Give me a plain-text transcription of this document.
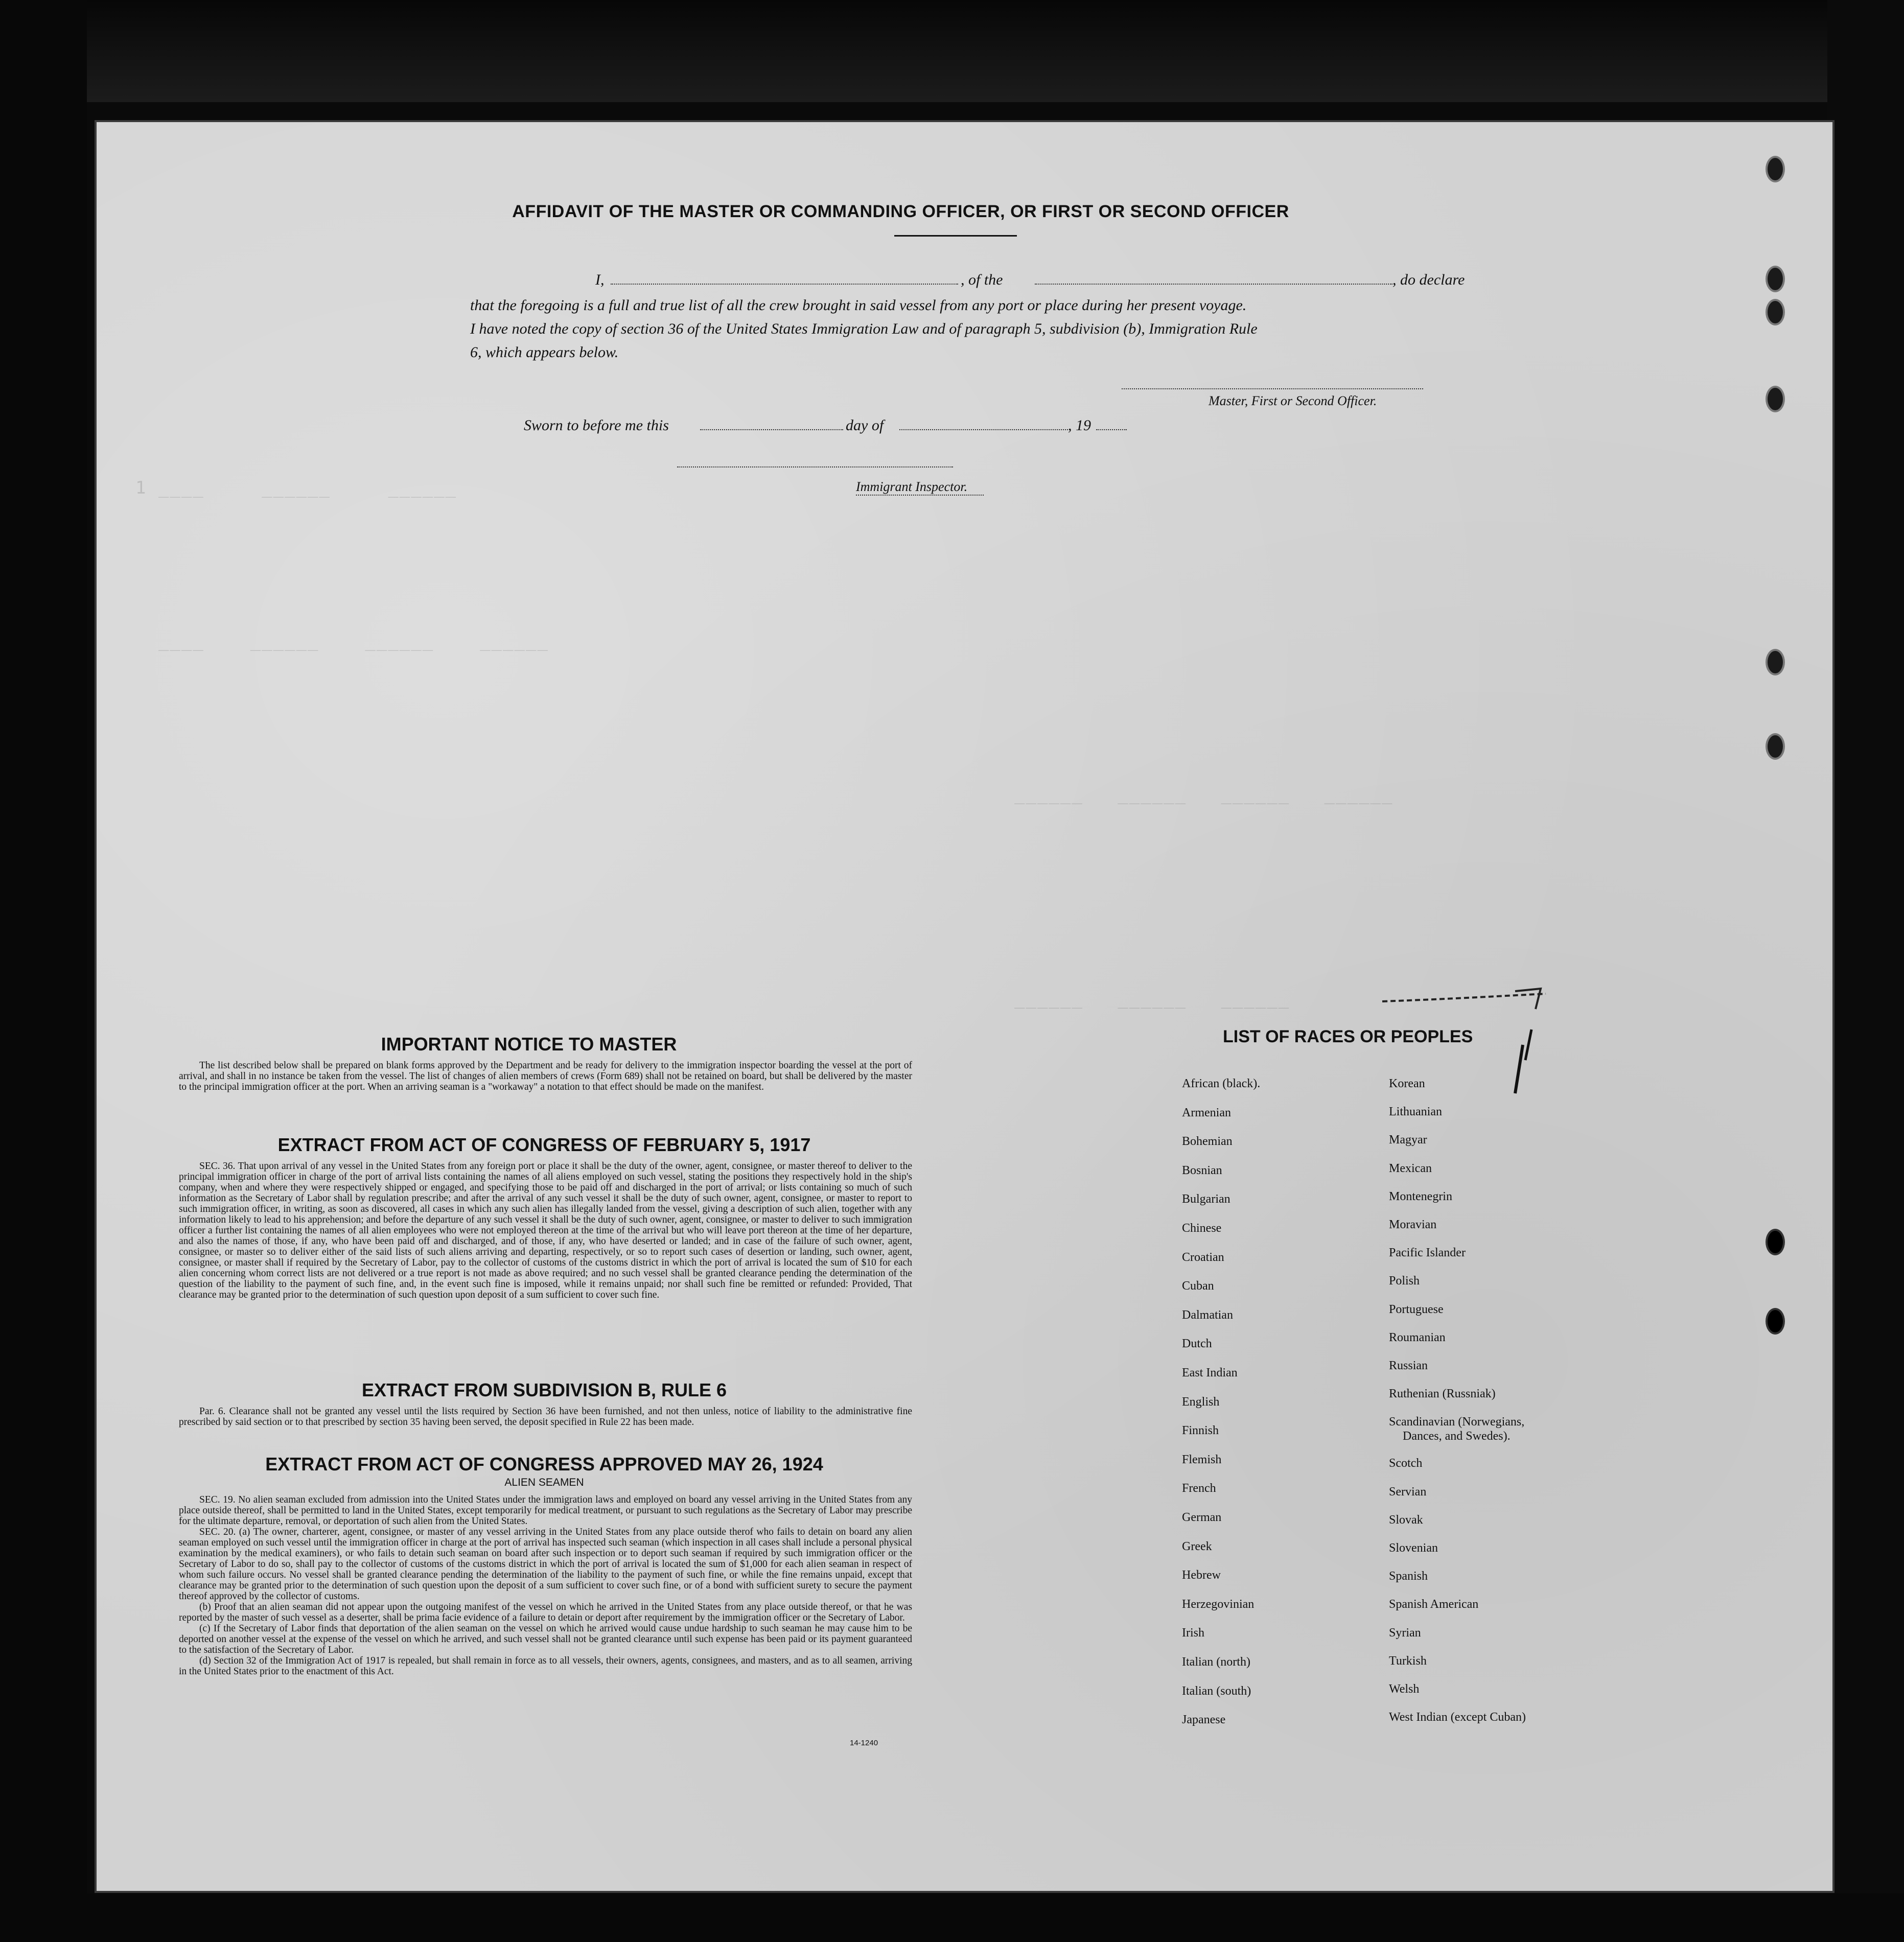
1 ____     ______     ______
____    ______    ______    ______
______   ______   ______   ______
______   ______   ______
AFFIDAVIT OF THE MASTER OR COMMANDING OFFICER, OR FIRST OR SECOND OFFICER
I,	, of the	, do declare
that the foregoing is a full and true list of all the crew brought in said vessel from any port or place during her present voyage.
I have noted the copy of section 36 of the United States Immigration Law and of paragraph 5, subdivision (b), Immigration Rule
6, which appears below.
Master, First or Second Officer.
Sworn to before me this	day of	, 19
Immigrant Inspector.
IMPORTANT NOTICE TO MASTER

The list described below shall be prepared on blank forms approved by the Department and be ready for delivery to the immigration inspector boarding the vessel at the port of arrival, and shall in no instance be taken from the vessel. The list of changes of alien members of crews (Form 689) shall not be retained on board, but shall be delivered by the master to the principal immigration officer at the port. When an arriving seaman is a "workaway" a notation to that effect should be made on the manifest.

EXTRACT FROM ACT OF CONGRESS OF FEBRUARY 5, 1917

SEC. 36. That upon arrival of any vessel in the United States from any foreign port or place it shall be the duty of the owner, agent, consignee, or master thereof to deliver to the principal immigration officer in charge of the port of arrival lists containing the names of all aliens employed on such vessel, stating the positions they respectively hold in the ship's company, when and where they were respectively shipped or engaged, and specifying those to be paid off and discharged in the port of arrival; or lists containing so much of such information as the Secretary of Labor shall by regulation prescribe; and after the arrival of any such vessel it shall be the duty of such owner, agent, consignee, or master to report to such immigration officer, in writing, as soon as discovered, all cases in which any such alien has illegally landed from the vessel, giving a description of such alien, together with any information likely to lead to his apprehension; and before the departure of any such vessel it shall be the duty of such owner, agent, consignee, or master to deliver to such immigration officer a further list containing the names of all alien employees who were not employed thereon at the time of the arrival but who will leave port thereon at the time of her departure, and also the names of those, if any, who have been paid off and discharged, and of those, if any, who have deserted or landed; and in case of the failure of such owner, agent, consignee, or master so to deliver either of the said lists of such aliens arriving and departing, respectively, or so to report such cases of desertion or landing, such owner, agent, consignee, or master shall if required by the Secretary of Labor, pay to the collector of customs of the customs district in which the port of arrival is located the sum of $10 for each alien concerning whom correct lists are not delivered or a true report is not made as above required; and no such vessel shall be granted clearance pending the determination of the question of the liability to the payment of such fine, and, in the event such fine is imposed, while it remains unpaid; nor shall such fine be remitted or refunded: Provided, That clearance may be granted prior to the determination of such question upon deposit of a sum sufficient to cover such fine.

EXTRACT FROM SUBDIVISION B, RULE 6

Par. 6. Clearance shall not be granted any vessel until the lists required by Section 36 have been furnished, and not then unless, notice of liability to the administrative fine prescribed by said section or to that prescribed by section 35 having been served, the deposit specified in Rule 22 has been made.

EXTRACT FROM ACT OF CONGRESS APPROVED MAY 26, 1924
ALIEN SEAMEN

SEC. 19. No alien seaman excluded from admission into the United States under the immigration laws and employed on board any vessel arriving in the United States from any place outside thereof, shall be permitted to land in the United States, except temporarily for medical treatment, or pursuant to such regulations as the Secretary of Labor may prescribe for the ultimate departure, removal, or deportation of such alien from the United States.

SEC. 20. (a) The owner, charterer, agent, consignee, or master of any vessel arriving in the United States from any place outside therof who fails to detain on board any alien seaman employed on such vessel until the immigration officer in charge at the port of arrival has inspected such seaman (which inspection in all cases shall include a personal physical examination by the medical examiners), or who fails to detain such seaman on board after such inspection or to deport such seaman if required by such immigration officer or the Secretary of Labor to do so, shall pay to the collector of customs of the customs district in which the port of arrival is located the sum of $1,000 for each alien seaman in respect of whom such failure occurs. No vessel shall be granted clearance pending the determination of the liability to the payment of such fine, or while the fine remains unpaid, except that clearance may be granted prior to the determination of such question upon the deposit of a sum sufficient to cover such fine, or of a bond with sufficient surety to secure the payment thereof approved by the collector of customs.

(b) Proof that an alien seaman did not appear upon the outgoing manifest of the vessel on which he arrived in the United States from any place outside thereof, or that he was reported by the master of such vessel as a deserter, shall be prima facie evidence of a failure to detain or deport after requirement by the immigration officer or the Secretary of Labor.

(c) If the Secretary of Labor finds that deportation of the alien seaman on the vessel on which he arrived would cause undue hardship to such seaman he may cause him to be deported on another vessel at the expense of the vessel on which he arrived, and such vessel shall not be granted clearance until such expense has been paid or its payment guaranteed to the satisfaction of the Secretary of Labor.

(d) Section 32 of the Immigration Act of 1917 is repealed, but shall remain in force as to all vessels, their owners, agents, consignees, and masters, and as to all seamen, arriving in the United States prior to the enactment of this Act.

14-1240
LIST OF RACES OR PEOPLES
African (black).
Armenian
Bohemian
Bosnian
Bulgarian
Chinese
Croatian
Cuban
Dalmatian
Dutch
East Indian
English
Finnish
Flemish
French
German
Greek
Hebrew
Herzegovinian
Irish
Italian (north)
Italian (south)
Japanese
Korean
Lithuanian
Magyar
Mexican
Montenegrin
Moravian
Pacific Islander
Polish
Portuguese
Roumanian
Russian
Ruthenian (Russniak)
Scandinavian (Norwegians,
Dances, and Swedes).
Scotch
Servian
Slovak
Slovenian
Spanish
Spanish American
Syrian
Turkish
Welsh
West Indian (except Cuban)
